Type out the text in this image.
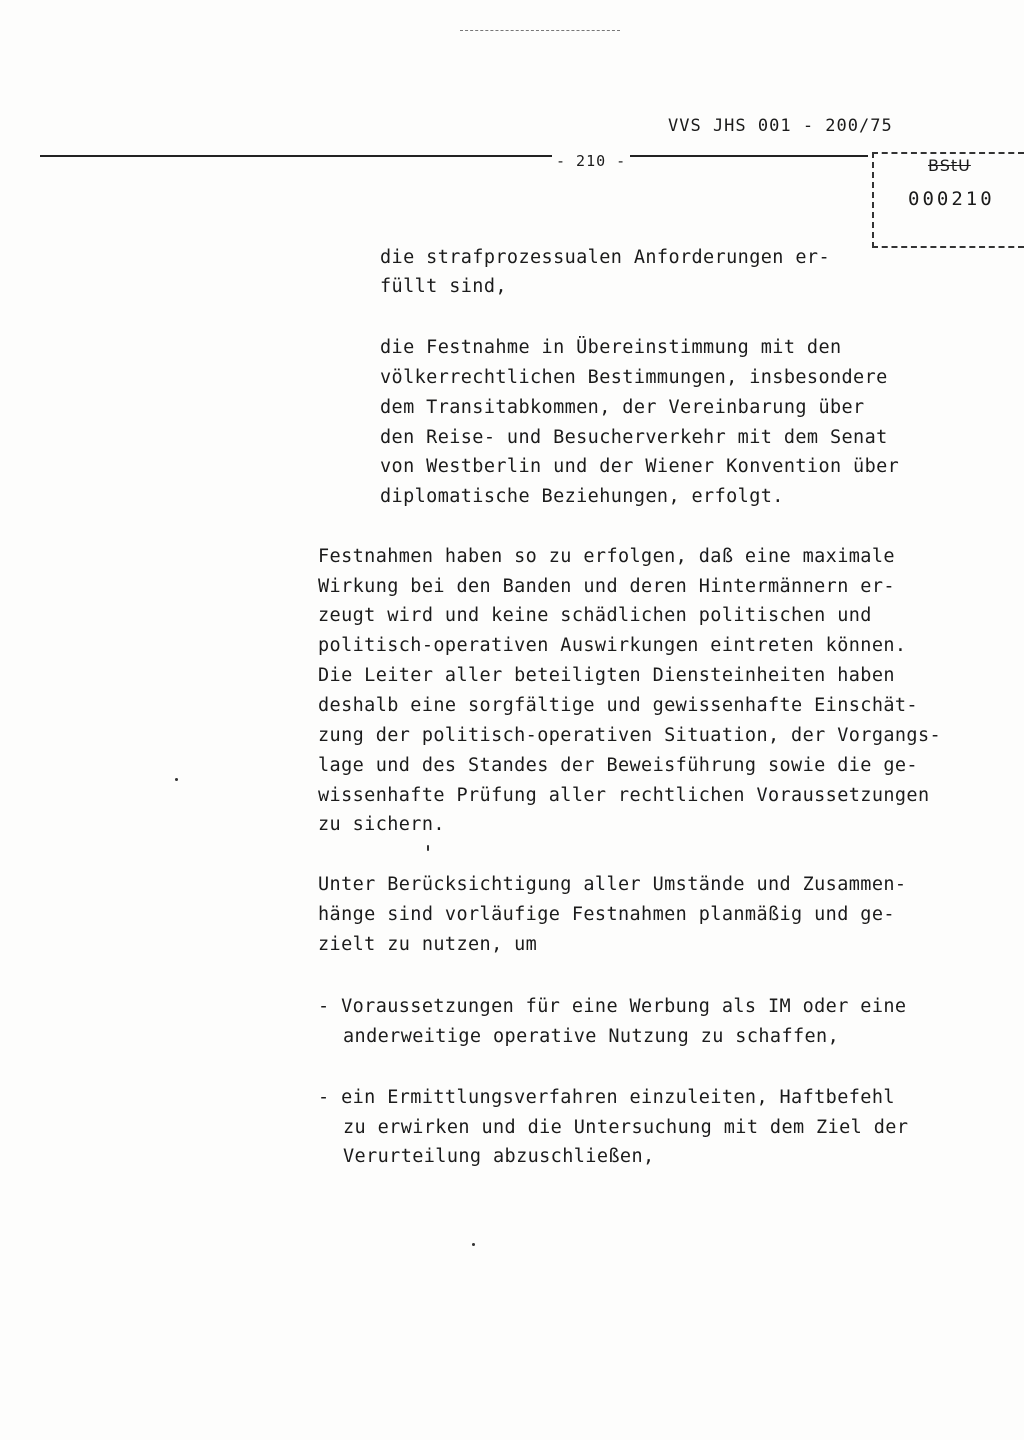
VVS JHS 001 - 200/75
- 210 -	BStU
000210
die strafprozessualen Anforderungen er-
füllt sind,
die Festnahme in Übereinstimmung mit den
völkerrechtlichen Bestimmungen, insbesondere
dem Transitabkommen, der Vereinbarung über
den Reise- und Besucherverkehr mit dem Senat
von Westberlin und der Wiener Konvention über
diplomatische Beziehungen, erfolgt.
Festnahmen haben so zu erfolgen, daß eine maximale
Wirkung bei den Banden und deren Hintermännern er-
zeugt wird und keine schädlichen politischen und
politisch-operativen Auswirkungen eintreten können.
Die Leiter aller beteiligten Diensteinheiten haben
deshalb eine sorgfältige und gewissenhafte Einschät-
zung der politisch-operativen Situation, der Vorgangs-
lage und des Standes der Beweisführung sowie die ge-
wissenhafte Prüfung aller rechtlichen Voraussetzungen
zu sichern.
Unter Berücksichtigung aller Umstände und Zusammen-
hänge sind vorläufige Festnahmen planmäßig und ge-
zielt zu nutzen, um
- Voraussetzungen für eine Werbung als IM oder eine
anderweitige operative Nutzung zu schaffen,
- ein Ermittlungsverfahren einzuleiten, Haftbefehl
zu erwirken und die Untersuchung mit dem Ziel der
Verurteilung abzuschließen,
